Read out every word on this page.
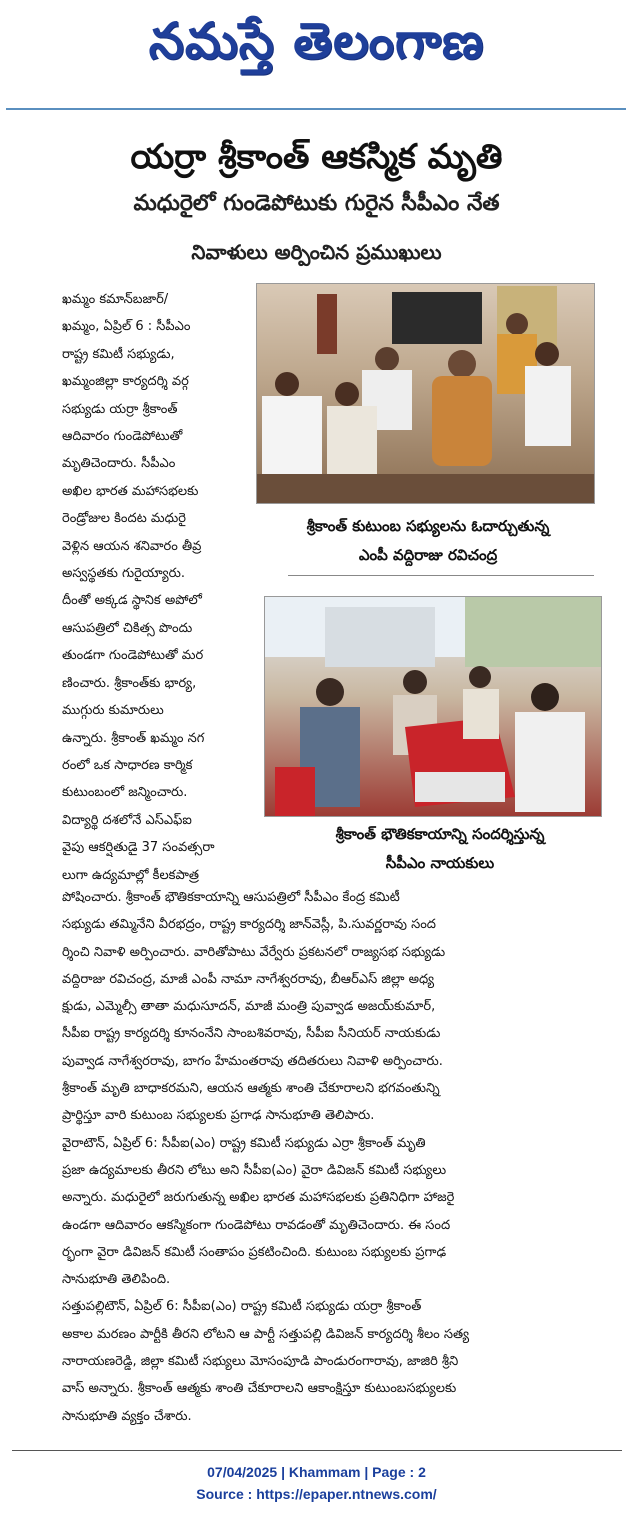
నమస్తే తెలంగాణ
యర్రా శ్రీకాంత్ ఆకస్మిక మృతి
మధురైలో గుండెపోటుకు గురైన సీపీఎం నేత
నివాళులు అర్పించిన ప్రముఖులు
ఖమ్మం కమాన్‌బజార్/
ఖమ్మం, ఏప్రిల్ 6 : సీపీఎం
రాష్ట్ర కమిటీ సభ్యుడు,
ఖమ్మంజిల్లా కార్యదర్శి వర్గ
సభ్యుడు యర్రా శ్రీకాంత్
ఆదివారం గుండెపోటుతో
మృతిచెందారు. సీపీఎం
అఖిల భారత మహాసభలకు
రెండ్రోజుల కిందట మధురై
వెళ్లిన ఆయన శనివారం తీవ్ర
అస్వస్థతకు గురైయ్యారు.
దీంతో అక్కడ స్థానిక అపోలో
ఆసుపత్రిలో చికిత్స పొందు
తుండగా గుండెపోటుతో మర
ణించారు. శ్రీకాంత్‌కు భార్య,
ముగ్గురు కుమారులు
ఉన్నారు. శ్రీకాంత్ ఖమ్మం నగ
రంలో ఒక సాధారణ కార్మిక
కుటుంబంలో జన్మించారు.
విద్యార్థి దశలోనే ఎస్ఎఫ్ఐ
వైపు ఆకర్షితుడై 37 సంవత్సరా
లుగా ఉద్యమాల్లో కీలకపాత్ర
శ్రీకాంత్ కుటుంబ సభ్యులను ఓదార్చుతున్న
ఎంపీ వద్దిరాజు రవిచంద్ర
శ్రీకాంత్ భౌతికకాయాన్ని సందర్శిస్తున్న
సీపీఎం నాయకులు
పోషించారు. శ్రీకాంత్ భౌతికకాయాన్ని ఆసుపత్రిలో సీపీఎం కేంద్ర కమిటీ
సభ్యుడు తమ్మినేని వీరభద్రం, రాష్ట్ర కార్యదర్శి జాన్‌వెస్లీ, పి.సువర్ణరావు సంద
ర్శించి నివాళి అర్పించారు. వారితోపాటు వేర్వేరు ప్రకటనలో రాజ్యసభ సభ్యుడు
వద్దిరాజు రవిచంద్ర, మాజీ ఎంపీ నామా నాగేశ్వరరావు, బీఆర్ఎస్ జిల్లా అధ్య
క్షుడు, ఎమ్మెల్సీ తాతా మధుసూదన్, మాజీ మంత్రి పువ్వాడ అజయ్‌కుమార్,
సీపీఐ రాష్ట్ర కార్యదర్శి కూనంనేని సాంబశివరావు, సీపీఐ సీనియర్ నాయకుడు
పువ్వాడ నాగేశ్వరరావు, బాగం హేమంతరావు తదితరులు నివాళి అర్పించారు.
శ్రీకాంత్ మృతి బాధాకరమని, ఆయన ఆత్మకు శాంతి చేకూరాలని భగవంతున్ని
ప్రార్థిస్తూ వారి కుటుంబ సభ్యులకు ప్రగాఢ సానుభూతి తెలిపారు.
వైరాటౌన్, ఏప్రిల్ 6: సీపీఐ(ఎం) రాష్ట్ర కమిటీ సభ్యుడు ఎర్రా శ్రీకాంత్ మృతి
ప్రజా ఉద్యమాలకు తీరని లోటు అని సీపీఐ(ఎం) వైరా డివిజన్ కమిటీ సభ్యులు
అన్నారు. మధురైలో జరుగుతున్న అఖిల భారత మహాసభలకు ప్రతినిధిగా హాజరై
ఉండగా ఆదివారం ఆకస్మికంగా గుండెపోటు రావడంతో మృతిచెందారు. ఈ సంద
ర్భంగా వైరా డివిజన్ కమిటీ సంతాపం ప్రకటించింది. కుటుంబ సభ్యులకు ప్రగాఢ
సానుభూతి తెలిపింది.
సత్తుపల్లిటౌన్, ఏప్రిల్ 6: సీపీఐ(ఎం) రాష్ట్ర కమిటీ సభ్యుడు యర్రా శ్రీకాంత్
అకాల మరణం పార్టీకి తీరని లోటని ఆ పార్టీ సత్తుపల్లి డివిజన్ కార్యదర్శి శీలం సత్య
నారాయణరెడ్డి, జిల్లా కమిటీ సభ్యులు మోసంపూడి పాండురంగారావు, జాజిరి శ్రీని
వాస్ అన్నారు. శ్రీకాంత్ ఆత్మకు శాంతి చేకూరాలని ఆకాంక్షిస్తూ కుటుంబసభ్యులకు
సానుభూతి వ్యక్తం చేశారు.
07/04/2025 | Khammam | Page : 2
Source : https://epaper.ntnews.com/
